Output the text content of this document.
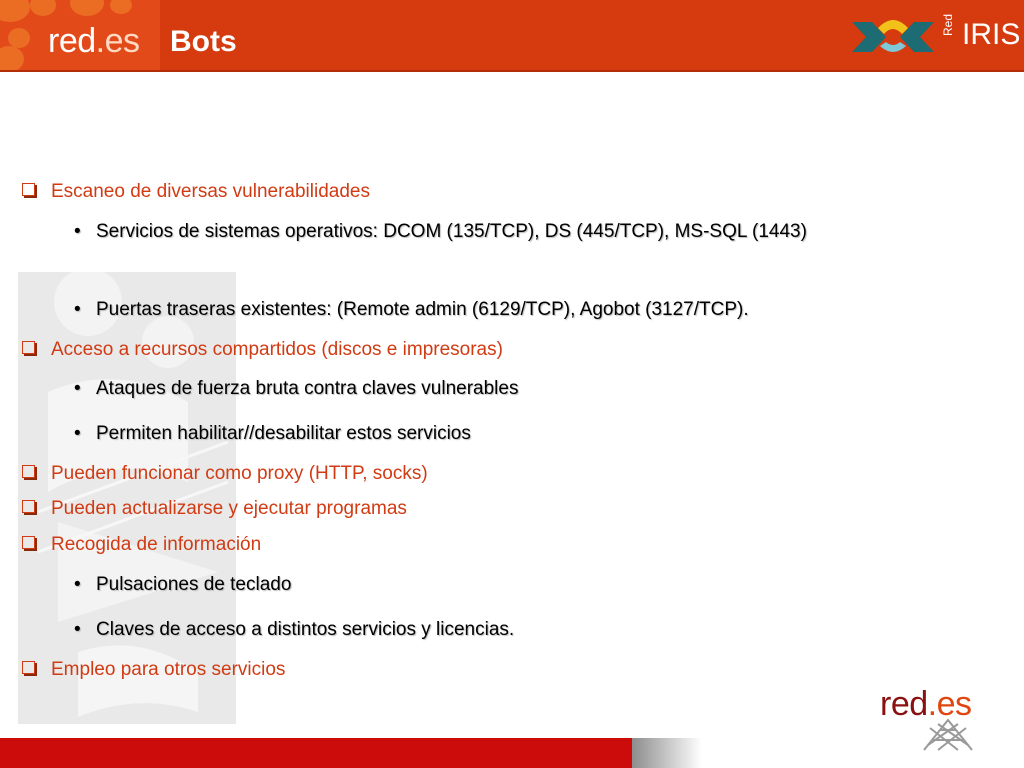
red.es Bots
Red IRIS
Escaneo de diversas vulnerabilidades
• Servicios de sistemas operativos: DCOM (135/TCP), DS (445/TCP), MS-SQL (1443)
• Puertas traseras existentes: (Remote admin (6129/TCP), Agobot (3127/TCP).
Acceso a recursos compartidos (discos e impresoras)
• Ataques de fuerza bruta contra claves vulnerables
• Permiten habilitar//desabilitar estos servicios
Pueden funcionar como proxy (HTTP, socks)
Pueden actualizarse y ejecutar programas
Recogida de información
• Pulsaciones de teclado
• Claves de acceso a distintos servicios y licencias.
Empleo para otros servicios
red.es
